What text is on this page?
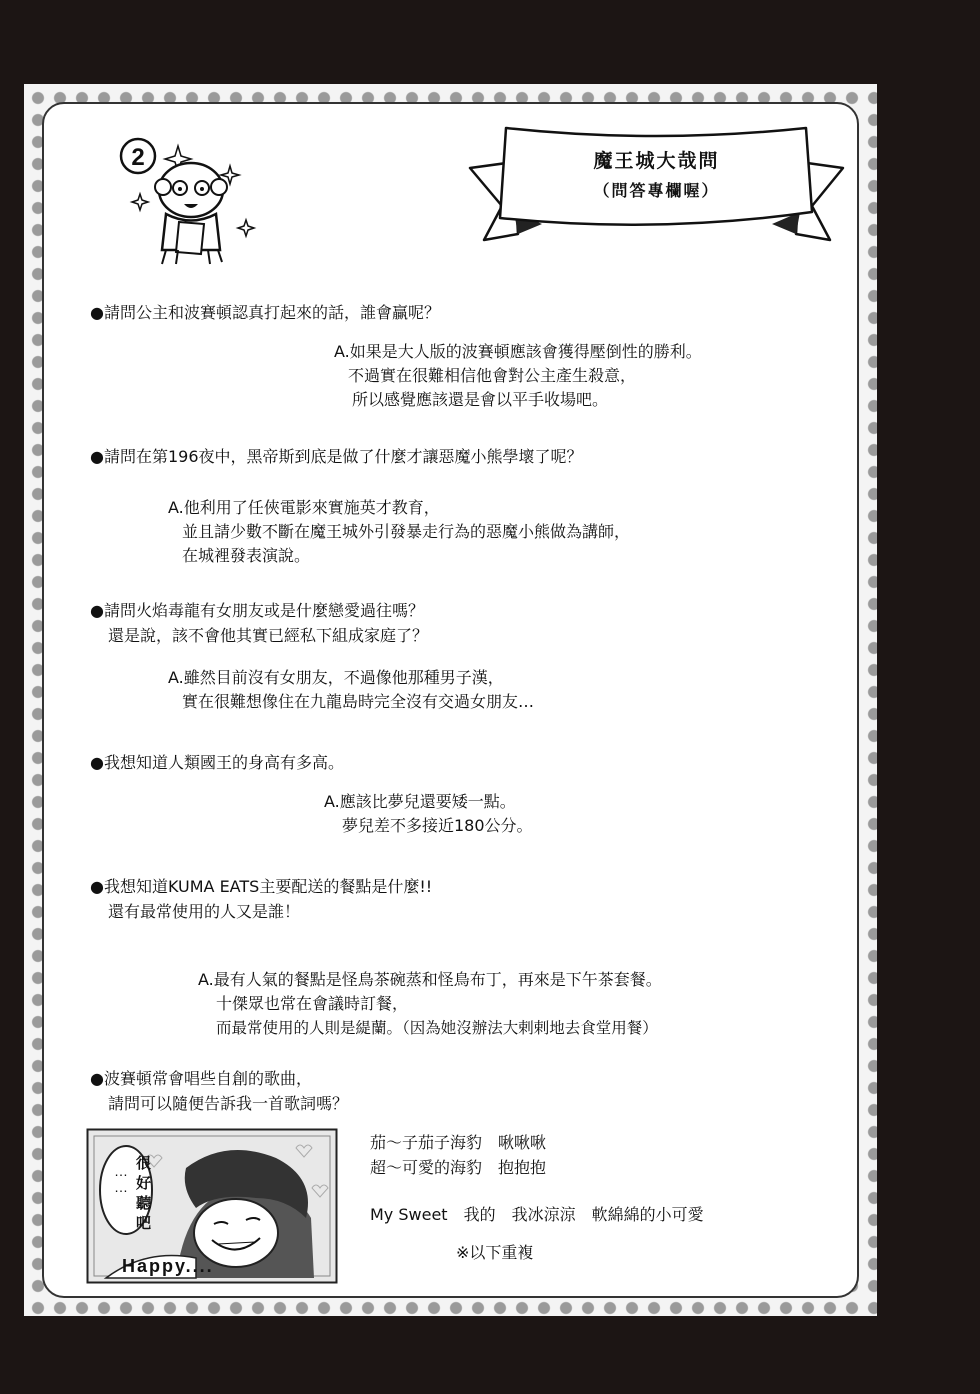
2	魔王城大哉問
（問答專欄喔）
●請問公主和波賽頓認真打起來的話，誰會贏呢？
A.如果是大人版的波賽頓應該會獲得壓倒性的勝利。
不過實在很難相信他會對公主產生殺意，
所以感覺應該還是會以平手收場吧。
●請問在第196夜中，黑帝斯到底是做了什麼才讓惡魔小熊學壞了呢？
A.他利用了任俠電影來實施英才教育，
並且請少數不斷在魔王城外引發暴走行為的惡魔小熊做為講師，
在城裡發表演說。
●請問火焰毒龍有女朋友或是什麼戀愛過往嗎？
還是說，該不會他其實已經私下組成家庭了？
A.雖然目前沒有女朋友，不過像他那種男子漢，
實在很難想像住在九龍島時完全沒有交過女朋友…
●我想知道人類國王的身高有多高。
A.應該比夢兒還要矮一點。
夢兒差不多接近180公分。
●我想知道KUMA EATS主要配送的餐點是什麼!!
還有最常使用的人又是誰！
A.最有人氣的餐點是怪鳥茶碗蒸和怪鳥布丁，再來是下午茶套餐。
十傑眾也常在會議時訂餐，
而最常使用的人則是緹蘭。（因為她沒辦法大剌剌地去食堂用餐）
●波賽頓常會唱些自創的歌曲，
請問可以隨便告訴我一首歌詞嗎？
很
好
聽
吧
…
…
Happy....
茄～子茄子海豹　啾啾啾
超～可愛的海豹　抱抱抱
My Sweet　我的　我冰涼涼　軟綿綿的小可愛
※以下重複
